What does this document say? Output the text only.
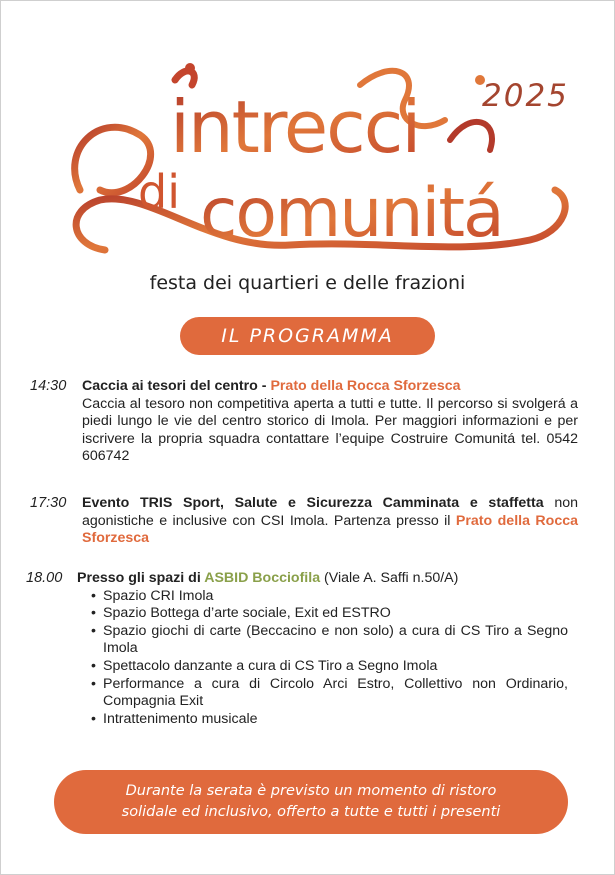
intrecci
di comunitá
2025
festa dei quartieri e delle frazioni
IL PROGRAMMA
14:30 Caccia ai tesori del centro - Prato della Rocca Sforzesca
Caccia al tesoro non competitiva aperta a tutti e tutte. Il percorso si svolgerá a piedi lungo le vie del centro storico di Imola. Per maggiori informazioni e per iscrivere la propria squadra contattare l’equipe Costruire Comunitá tel. 0542 606742
17:30 Evento TRIS Sport, Salute e Sicurezza Camminata e staffetta non agonistiche e inclusive con CSI Imola. Partenza presso il Prato della Rocca Sforzesca
18.00 Presso gli spazi di ASBID Bocciofila (Viale A. Saffi n.50/A)
• Spazio CRI Imola
• Spazio Bottega d’arte sociale, Exit ed ESTRO
• Spazio giochi di carte (Beccacino e non solo) a cura di CS Tiro a Segno Imola
• Spettacolo danzante a cura di CS Tiro a Segno Imola
• Performance a cura di Circolo Arci Estro, Collettivo non Ordinario, Compagnia Exit
• Intrattenimento musicale
Durante la serata è previsto un momento di ristoro
solidale ed inclusivo, offerto a tutte e tutti i presenti
